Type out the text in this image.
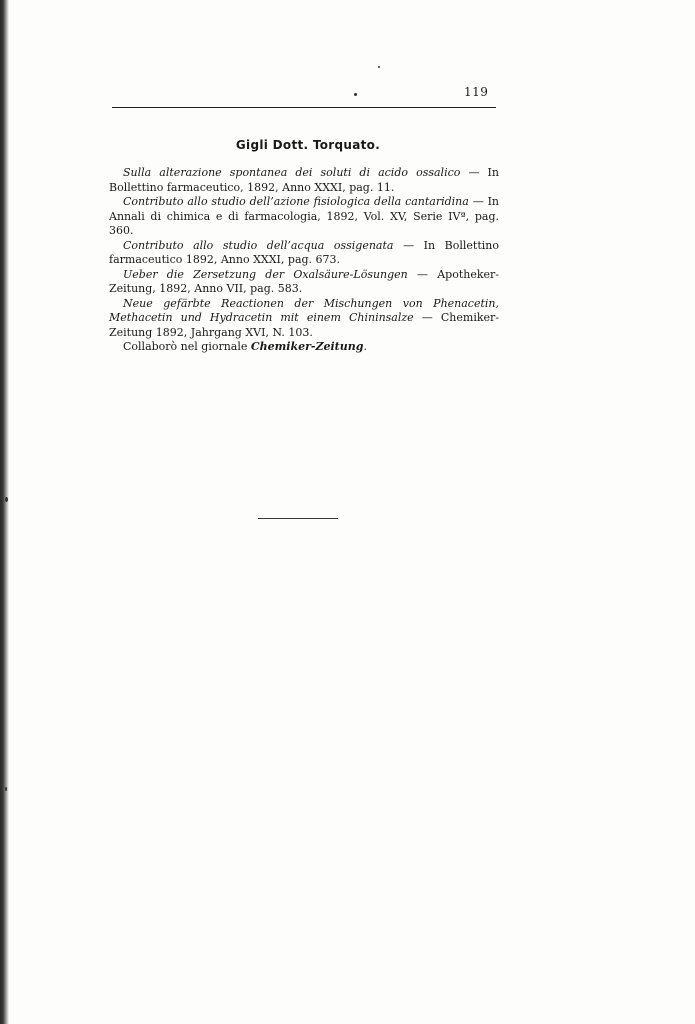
119
Gigli Dott. Torquato.

Sulla alterazione spontanea dei soluti di acido ossalico — In Bollettino farmaceutico, 1892, Anno XXXI, pag. 11.

Contributo allo studio dell’azione fisiologica della cantaridina — In Annali di chimica e di farmacologia, 1892, Vol. XV, Serie IVª, pag. 360.

Contributo allo studio dell’acqua ossigenata — In Bollettino farmaceutico 1892, Anno XXXI, pag. 673.

Ueber die Zersetzung der Oxalsäure-Lösungen — Apotheker-Zeitung, 1892, Anno VII, pag. 583.

Neue gefärbte Reactionen der Mischungen von Phenacetin, Methacetin und Hydracetin mit einem Chininsalze — Chemiker-Zeitung 1892, Jahrgang XVI, N. 103.

Collaborò nel giornale Chemiker-Zeitung.
